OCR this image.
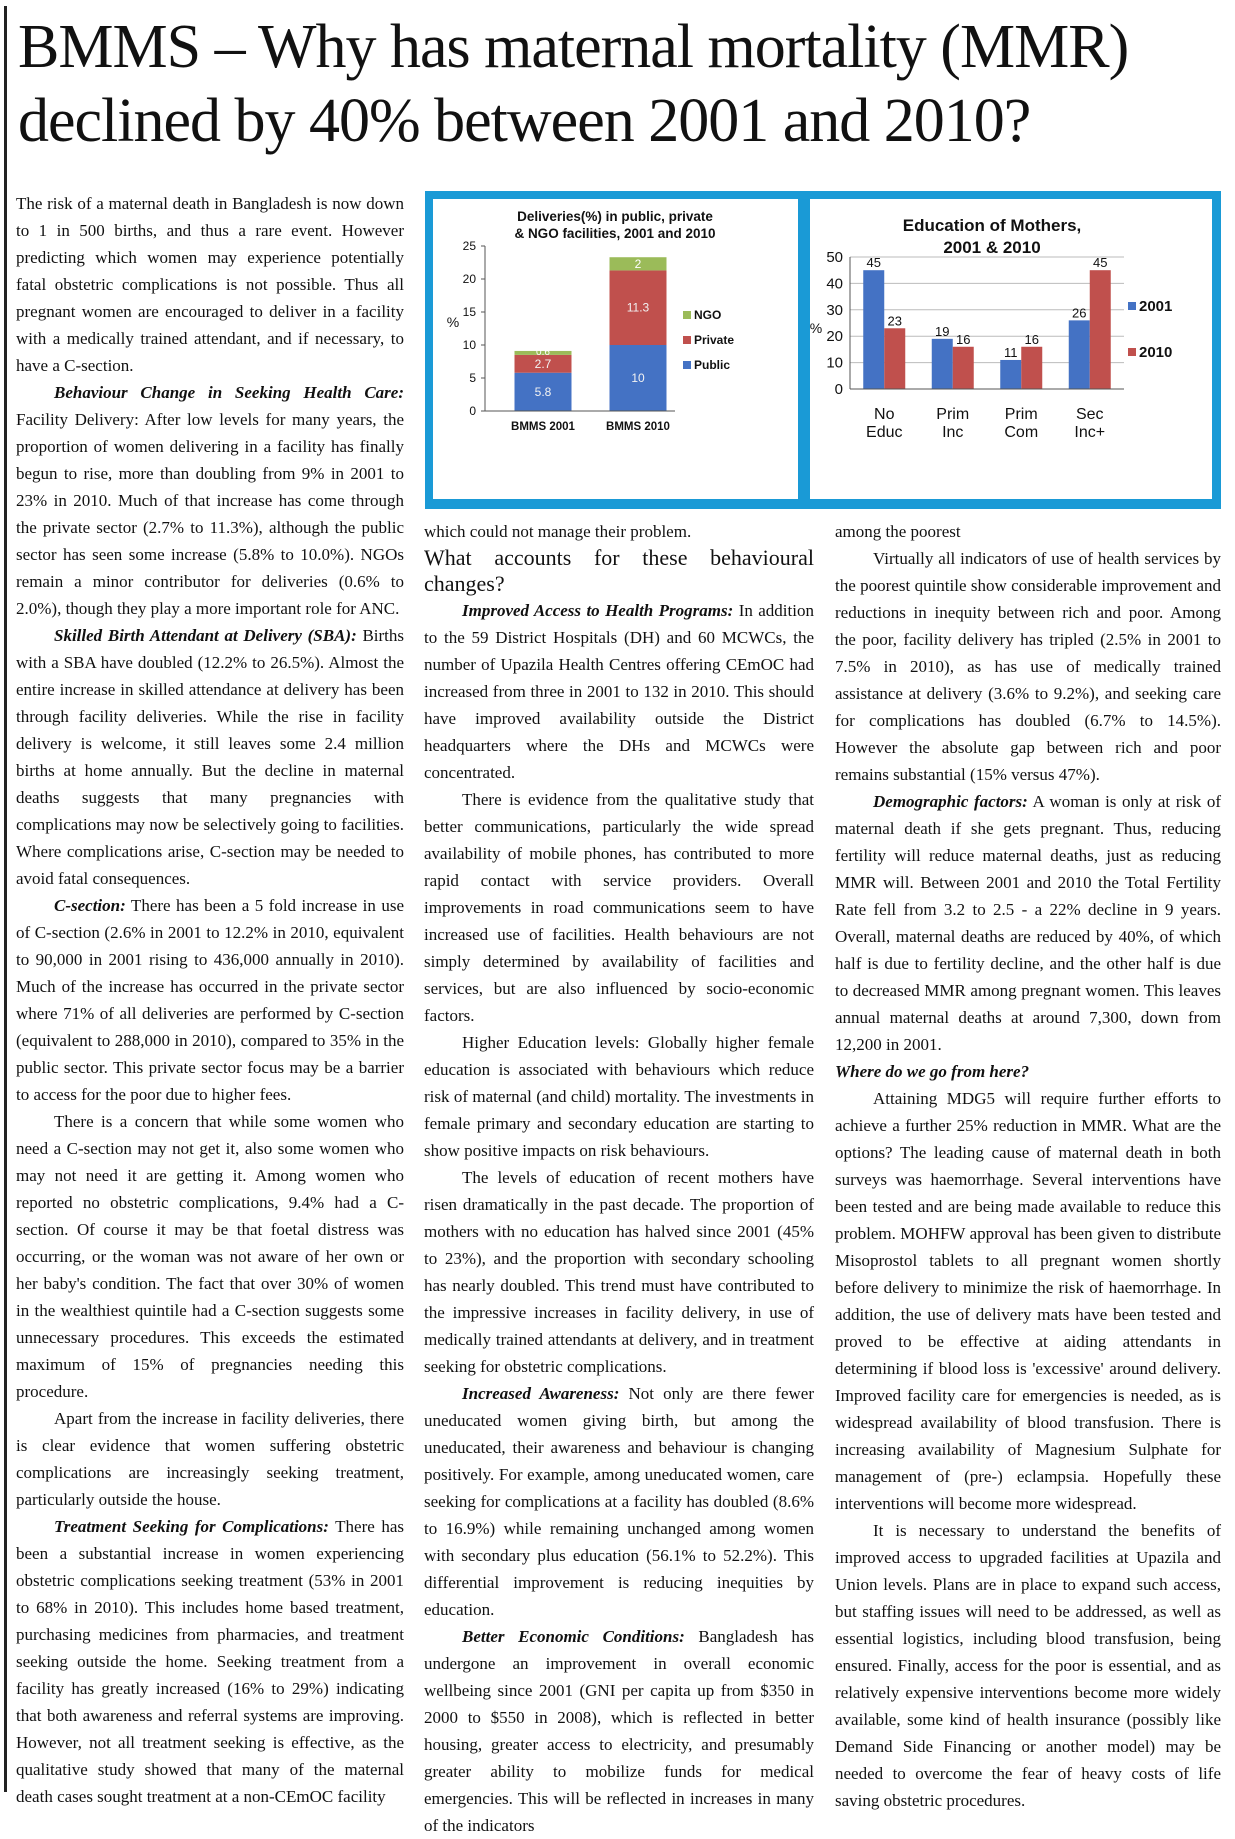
BMMS – Why has maternal mortality (MMR) declined by 40% between 2001 and 2010?

The risk of a maternal death in Bangladesh is now down to 1 in 500 births, and thus a rare event. However predicting which women may experience potentially fatal obstetric complications is not possible. Thus all pregnant women are encouraged to deliver in a facility with a medically trained attendant, and if necessary, to have a C-section.

Behaviour Change in Seeking Health Care: Facility Delivery: After low levels for many years, the proportion of women delivering in a facility has finally begun to rise, more than doubling from 9% in 2001 to 23% in 2010. Much of that increase has come through the private sector (2.7% to 11.3%), although the public sector has seen some increase (5.8% to 10.0%). NGOs remain a minor contributor for deliveries (0.6% to 2.0%), though they play a more important role for ANC.

Skilled Birth Attendant at Delivery (SBA): Births with a SBA have doubled (12.2% to 26.5%). Almost the entire increase in skilled attendance at delivery has been through facility deliveries. While the rise in facility delivery is welcome, it still leaves some 2.4 million births at home annually. But the decline in maternal deaths suggests that many pregnancies with complications may now be selectively going to facilities. Where complications arise, C-section may be needed to avoid fatal consequences.

C-section: There has been a 5 fold increase in use of C-section (2.6% in 2001 to 12.2% in 2010, equivalent to 90,000 in 2001 rising to 436,000 annually in 2010). Much of the increase has occurred in the private sector where 71% of all deliveries are performed by C-section (equivalent to 288,000 in 2010), compared to 35% in the public sector. This private sector focus may be a barrier to access for the poor due to higher fees.

There is a concern that while some women who need a C-section may not get it, also some women who may not need it are getting it. Among women who reported no obstetric complications, 9.4% had a C-section. Of course it may be that foetal distress was occurring, or the woman was not aware of her own or her baby's condition. The fact that over 30% of women in the wealthiest quintile had a C-section suggests some unnecessary procedures. This exceeds the estimated maximum of 15% of pregnancies needing this procedure.

Apart from the increase in facility deliveries, there is clear evidence that women suffering obstetric complications are increasingly seeking treatment, particularly outside the house.

Treatment Seeking for Complications: There has been a substantial increase in women experiencing obstetric complications seeking treatment (53% in 2001 to 68% in 2010). This includes home based treatment, purchasing medicines from pharmacies, and treatment seeking outside the home. Seeking treatment from a facility has greatly increased (16% to 29%) indicating that both awareness and referral systems are improving. However, not all treatment seeking is effective, as the qualitative study showed that many of the maternal death cases sought treatment at a non-CEmOC facility

Deliveries(%) in public, private
& NGO facilities, 2001 and 2010
%
0
5
10
15
20
25
5.8
2.7
0.6
BMMS 2001
10
11.3
2
BMMS 2010
NGO
Private
Public
Education of Mothers,
2001 & 2010
%
0
10
20
30
40
50 45
23
No
Educ
19
16
Prim
Inc
11
16
Prim
Com
26
45
Sec
Inc+
2001
2010

which could not manage their problem.

What accounts for these behavioural changes?

Improved Access to Health Programs: In addition to the 59 District Hospitals (DH) and 60 MCWCs, the number of Upazila Health Centres offering CEmOC had increased from three in 2001 to 132 in 2010. This should have improved availability outside the District headquarters where the DHs and MCWCs were concentrated.

There is evidence from the qualitative study that better communications, particularly the wide spread availability of mobile phones, has contributed to more rapid contact with service providers. Overall improvements in road communications seem to have increased use of facilities. Health behaviours are not simply determined by availability of facilities and services, but are also influenced by socio-economic factors.

Higher Education levels: Globally higher female education is associated with behaviours which reduce risk of maternal (and child) mortality. The investments in female primary and secondary education are starting to show positive impacts on risk behaviours.

The levels of education of recent mothers have risen dramatically in the past decade. The proportion of mothers with no education has halved since 2001 (45% to 23%), and the proportion with secondary schooling has nearly doubled. This trend must have contributed to the impressive increases in facility delivery, in use of medically trained attendants at delivery, and in treatment seeking for obstetric complications.

Increased Awareness: Not only are there fewer uneducated women giving birth, but among the uneducated, their awareness and behaviour is changing positively. For example, among uneducated women, care seeking for complications at a facility has doubled (8.6% to 16.9%) while remaining unchanged among women with secondary plus education (56.1% to 52.2%). This differential improvement is reducing inequities by education.

Better Economic Conditions: Bangladesh has undergone an improvement in overall economic wellbeing since 2001 (GNI per capita up from $350 in 2000 to $550 in 2008), which is reflected in better housing, greater access to electricity, and presumably greater ability to mobilize funds for medical emergencies. This will be reflected in increases in many of the indicators

among the poorest

Virtually all indicators of use of health services by the poorest quintile show considerable improvement and reductions in inequity between rich and poor. Among the poor, facility delivery has tripled (2.5% in 2001 to 7.5% in 2010), as has use of medically trained assistance at delivery (3.6% to 9.2%), and seeking care for complications has doubled (6.7% to 14.5%). However the absolute gap between rich and poor remains substantial (15% versus 47%).

Demographic factors: A woman is only at risk of maternal death if she gets pregnant. Thus, reducing fertility will reduce maternal deaths, just as reducing MMR will. Between 2001 and 2010 the Total Fertility Rate fell from 3.2 to 2.5 - a 22% decline in 9 years. Overall, maternal deaths are reduced by 40%, of which half is due to fertility decline, and the other half is due to decreased MMR among pregnant women. This leaves annual maternal deaths at around 7,300, down from 12,200 in 2001.

Where do we go from here?

Attaining MDG5 will require further efforts to achieve a further 25% reduction in MMR. What are the options? The leading cause of maternal death in both surveys was haemorrhage. Several interventions have been tested and are being made available to reduce this problem. MOHFW approval has been given to distribute Misoprostol tablets to all pregnant women shortly before delivery to minimize the risk of haemorrhage. In addition, the use of delivery mats have been tested and proved to be effective at aiding attendants in determining if blood loss is 'excessive' around delivery. Improved facility care for emergencies is needed, as is widespread availability of blood transfusion. There is increasing availability of Magnesium Sulphate for management of (pre-) eclampsia. Hopefully these interventions will become more widespread.

It is necessary to understand the benefits of improved access to upgraded facilities at Upazila and Union levels. Plans are in place to expand such access, but staffing issues will need to be addressed, as well as essential logistics, including blood transfusion, being ensured. Finally, access for the poor is essential, and as relatively expensive interventions become more widely available, some kind of health insurance (possibly like Demand Side Financing or another model) may be needed to overcome the fear of heavy costs of life saving obstetric procedures.
